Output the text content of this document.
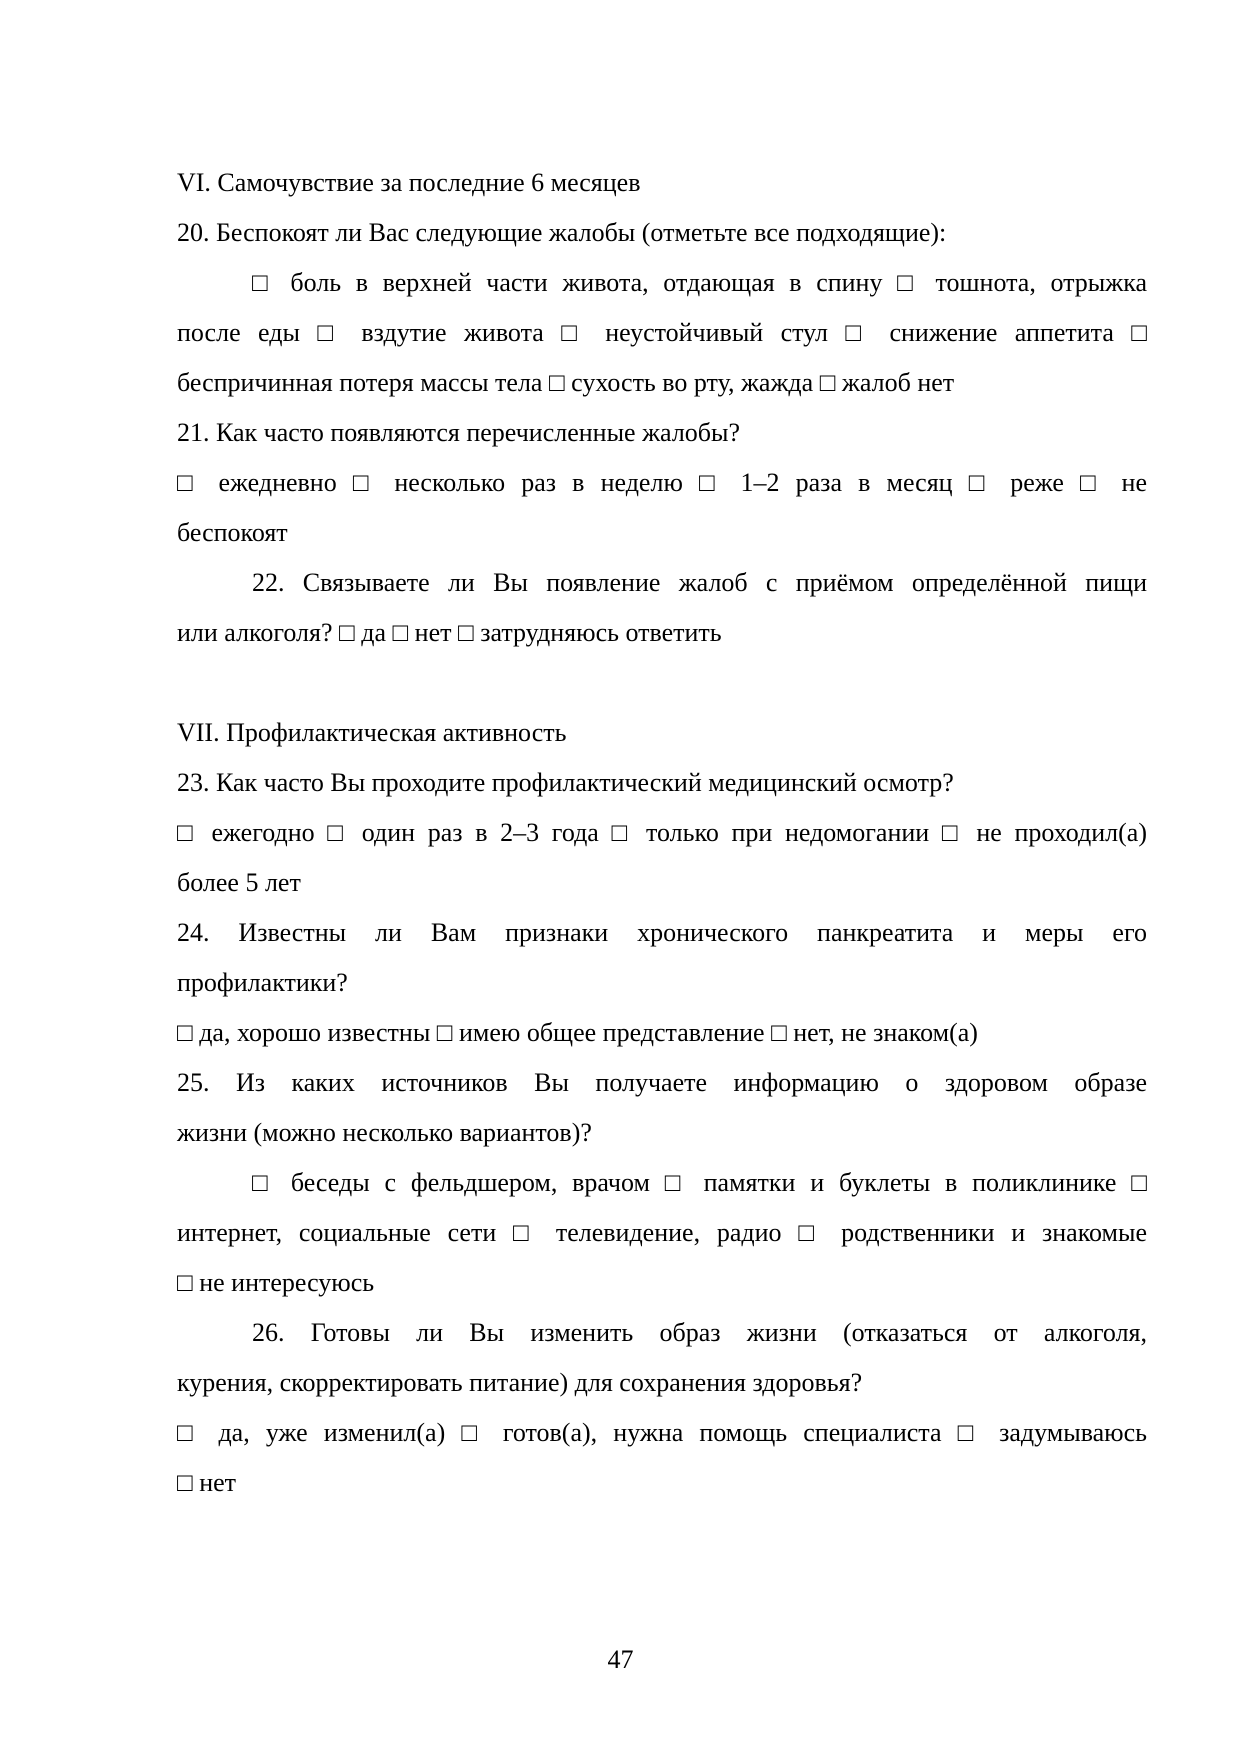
VI. Самочувствие за последние 6 месяцев
20. Беспокоят ли Вас следующие жалобы (отметьте все подходящие):
□ боль в верхней части живота, отдающая в спину □ тошнота, отрыжка
после еды □ вздутие живота □ неустойчивый стул □ снижение аппетита □
беспричинная потеря массы тела □ сухость во рту, жажда □ жалоб нет
21. Как часто появляются перечисленные жалобы?
□ ежедневно □ несколько раз в неделю □ 1–2 раза в месяц □ реже □ не
беспокоят
22. Связываете ли Вы появление жалоб с приёмом определённой пищи
или алкоголя? □ да □ нет □ затрудняюсь ответить
VII. Профилактическая активность
23. Как часто Вы проходите профилактический медицинский осмотр?
□ ежегодно □ один раз в 2–3 года □ только при недомогании □ не проходил(а)
более 5 лет
24. Известны ли Вам признаки хронического панкреатита и меры его
профилактики?
□ да, хорошо известны □ имею общее представление □ нет, не знаком(а)
25. Из каких источников Вы получаете информацию о здоровом образе
жизни (можно несколько вариантов)?
□ беседы с фельдшером, врачом □ памятки и буклеты в поликлинике □
интернет, социальные сети □ телевидение, радио □ родственники и знакомые
□ не интересуюсь
26. Готовы ли Вы изменить образ жизни (отказаться от алкоголя,
курения, скорректировать питание) для сохранения здоровья?
□ да, уже изменил(а) □ готов(а), нужна помощь специалиста □ задумываюсь
□ нет
47
